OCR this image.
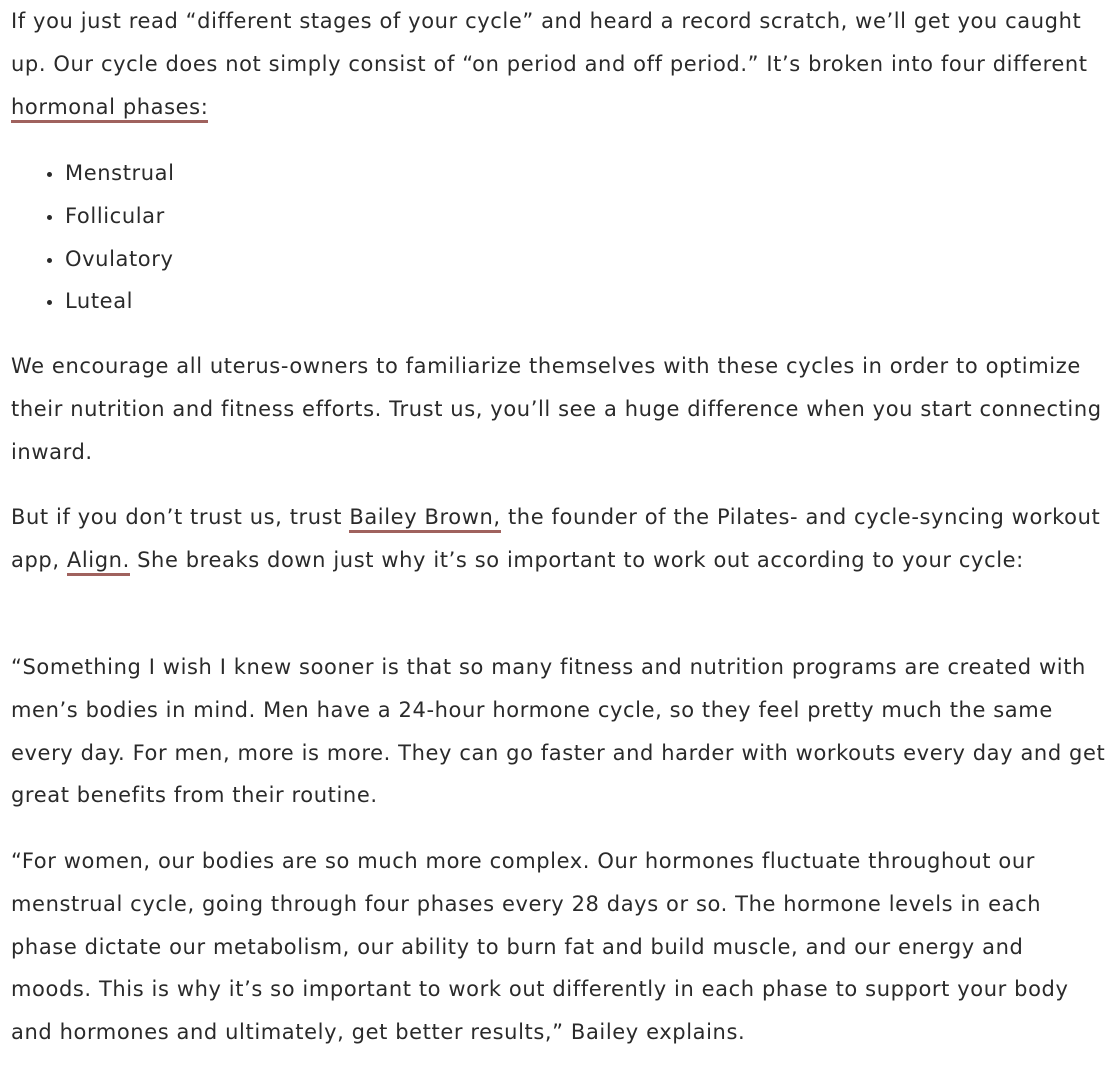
If you just read “different stages of your cycle” and heard a record scratch, we’ll get you caught up. Our cycle does not simply consist of “on period and off period.” It’s broken into four different hormonal phases:

Menstrual
Follicular
Ovulatory
Luteal

We encourage all uterus-owners to familiarize themselves with these cycles in order to optimize their nutrition and fitness efforts. Trust us, you’ll see a huge difference when you start connecting inward.

But if you don’t trust us, trust Bailey Brown, the founder of the Pilates- and cycle-syncing workout app, Align. She breaks down just why it’s so important to work out according to your cycle:

“Something I wish I knew sooner is that so many fitness and nutrition programs are created with men’s bodies in mind. Men have a 24-hour hormone cycle, so they feel pretty much the same every day. For men, more is more. They can go faster and harder with workouts every day and get great benefits from their routine.

“For women, our bodies are so much more complex. Our hormones fluctuate throughout our menstrual cycle, going through four phases every 28 days or so. The hormone levels in each phase dictate our metabolism, our ability to burn fat and build muscle, and our energy and moods. This is why it’s so important to work out differently in each phase to support your body and hormones and ultimately, get better results,” Bailey explains.
